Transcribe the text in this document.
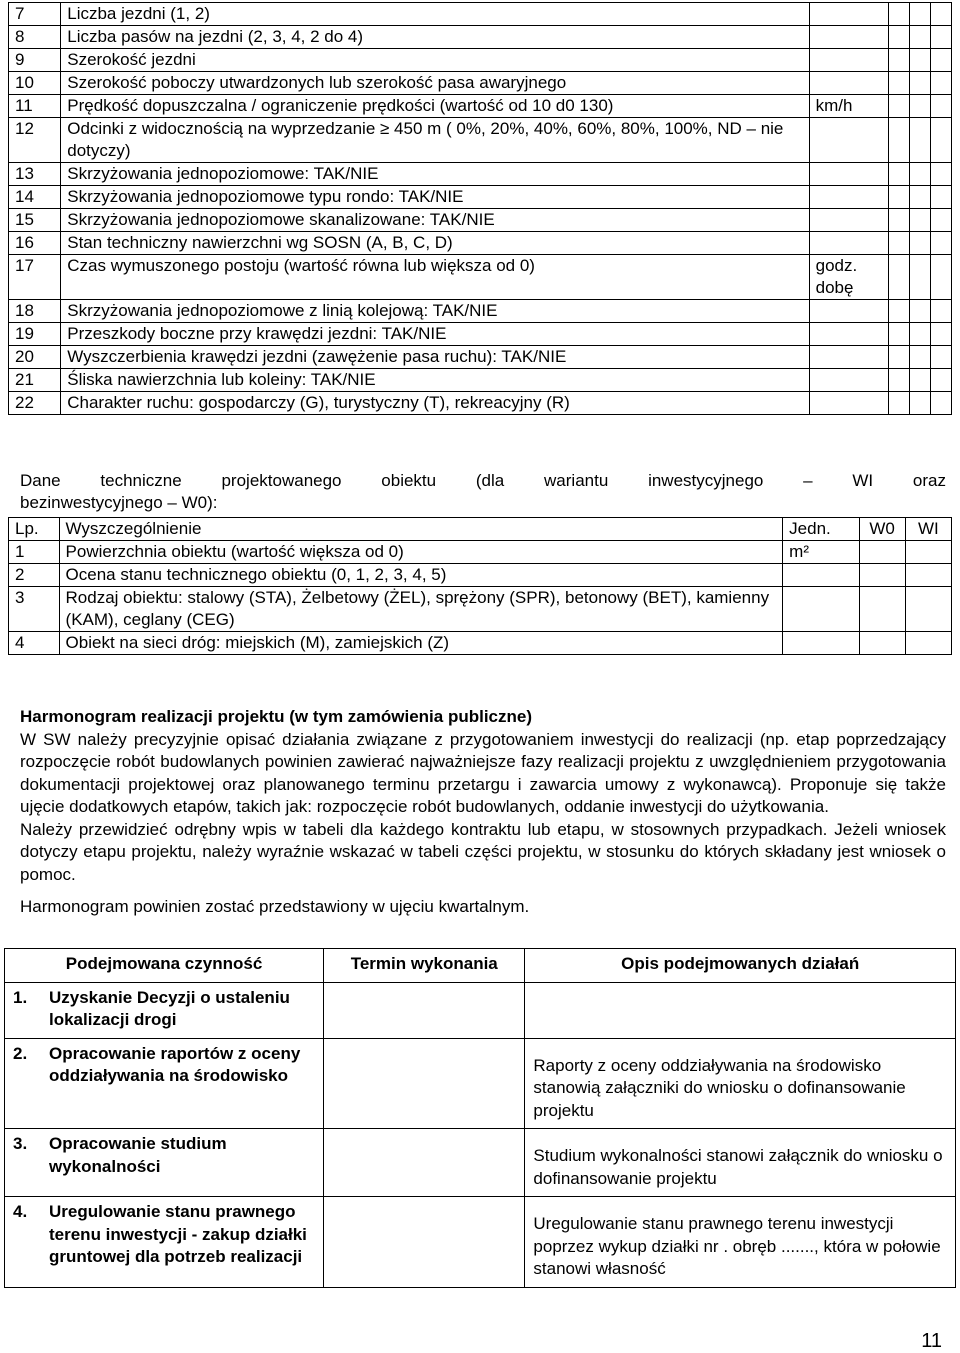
7	Liczba jezdni (1, 2)				
8	Liczba pasów na jezdni (2, 3, 4, 2 do 4)				
9	Szerokość jezdni				
10	Szerokość poboczy utwardzonych lub szerokość pasa awaryjnego				
11	Prędkość dopuszczalna / ograniczenie prędkości (wartość od 10 d0 130)	km/h			
12	Odcinki z widocznością na wyprzedzanie ≥ 450 m ( 0%, 20%, 40%, 60%, 80%, 100%, ND – nie dotyczy)				
13	Skrzyżowania jednopoziomowe: TAK/NIE				
14	Skrzyżowania jednopoziomowe typu rondo: TAK/NIE				
15	Skrzyżowania jednopoziomowe skanalizowane: TAK/NIE				
16	Stan techniczny nawierzchni wg SOSN (A, B, C, D)				
17	Czas wymuszonego postoju (wartość równa lub większa od 0)	godz. dobę			
18	Skrzyżowania jednopoziomowe z linią kolejową: TAK/NIE				
19	Przeszkody boczne przy krawędzi jezdni: TAK/NIE				
20	Wyszczerbienia krawędzi jezdni (zawężenie pasa ruchu): TAK/NIE				
21	Śliska nawierzchnia lub koleiny: TAK/NIE				
22	Charakter ruchu: gospodarczy (G), turystyczny (T), rekreacyjny (R)				
Dane techniczne projektowanego obiektu (dla wariantu inwestycyjnego – WI oraz
bezinwestycyjnego – W0):
Lp.	Wyszczególnienie	Jedn.	W0	WI
1	Powierzchnia obiektu (wartość większa od 0)	m²		
2	Ocena stanu technicznego obiektu (0, 1, 2, 3, 4, 5)			
3	Rodzaj obiektu: stalowy (STA), Żelbetowy (ŻEL), sprężony (SPR), betonowy (BET), kamienny (KAM), ceglany (CEG)			
4	Obiekt na sieci dróg: miejskich (M), zamiejskich (Z)			
Harmonogram realizacji projektu (w tym zamówienia publiczne)

W SW należy precyzyjnie opisać działania związane z przygotowaniem inwestycji do realizacji (np. etap poprzedzający rozpoczęcie robót budowlanych powinien zawierać najważniejsze fazy realizacji projektu z uwzględnieniem przygotowania dokumentacji projektowej oraz planowanego terminu przetargu i zawarcia umowy z wykonawcą). Proponuje się także ujęcie dodatkowych etapów, takich jak: rozpoczęcie robót budowlanych, oddanie inwestycji do użytkowania.

Należy przewidzieć odrębny wpis w tabeli dla każdego kontraktu lub etapu, w stosownych przypadkach. Jeżeli wniosek dotyczy etapu projektu, należy wyraźnie wskazać w tabeli części projektu, w stosunku do których składany jest wniosek o pomoc.

Harmonogram powinien zostać przedstawiony w ujęciu kwartalnym.

Podejmowana czynność	Termin wykonania	Opis podejmowanych działań

1. Uzyskanie Decyzji o ustaleniu lokalizacji drogi		

2. Opracowanie raportów z oceny oddziaływania na środowisko		Raporty z oceny oddziaływania na środowisko stanowią załączniki do wniosku o dofinansowanie projektu

3. Opracowanie studium wykonalności		Studium wykonalności stanowi załącznik do wniosku o dofinansowanie projektu

4. Uregulowanie stanu prawnego terenu inwestycji - zakup działki gruntowej dla potrzeb realizacji		Uregulowanie stanu prawnego terenu inwestycji poprzez wykup działki nr . obręb ......., która w połowie stanowi własność
11
